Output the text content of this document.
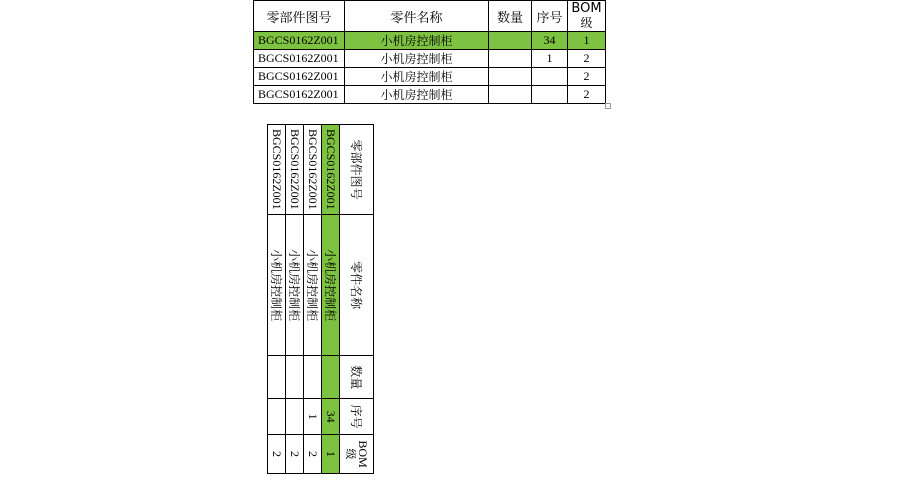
零部件图号	零件名称	数量	序号	BOM
级
BGCS0162Z001	小机房控制柜		34	1
BGCS0162Z001	小机房控制柜		1	2
BGCS0162Z001	小机房控制柜			2
BGCS0162Z001	小机房控制柜			2
零部件图号	零件名称	数量	序号	BOM
级
BGCS0162Z001	小机房控制柜		34	1
BGCS0162Z001	小机房控制柜		1	2
BGCS0162Z001	小机房控制柜			2
BGCS0162Z001	小机房控制柜			2
